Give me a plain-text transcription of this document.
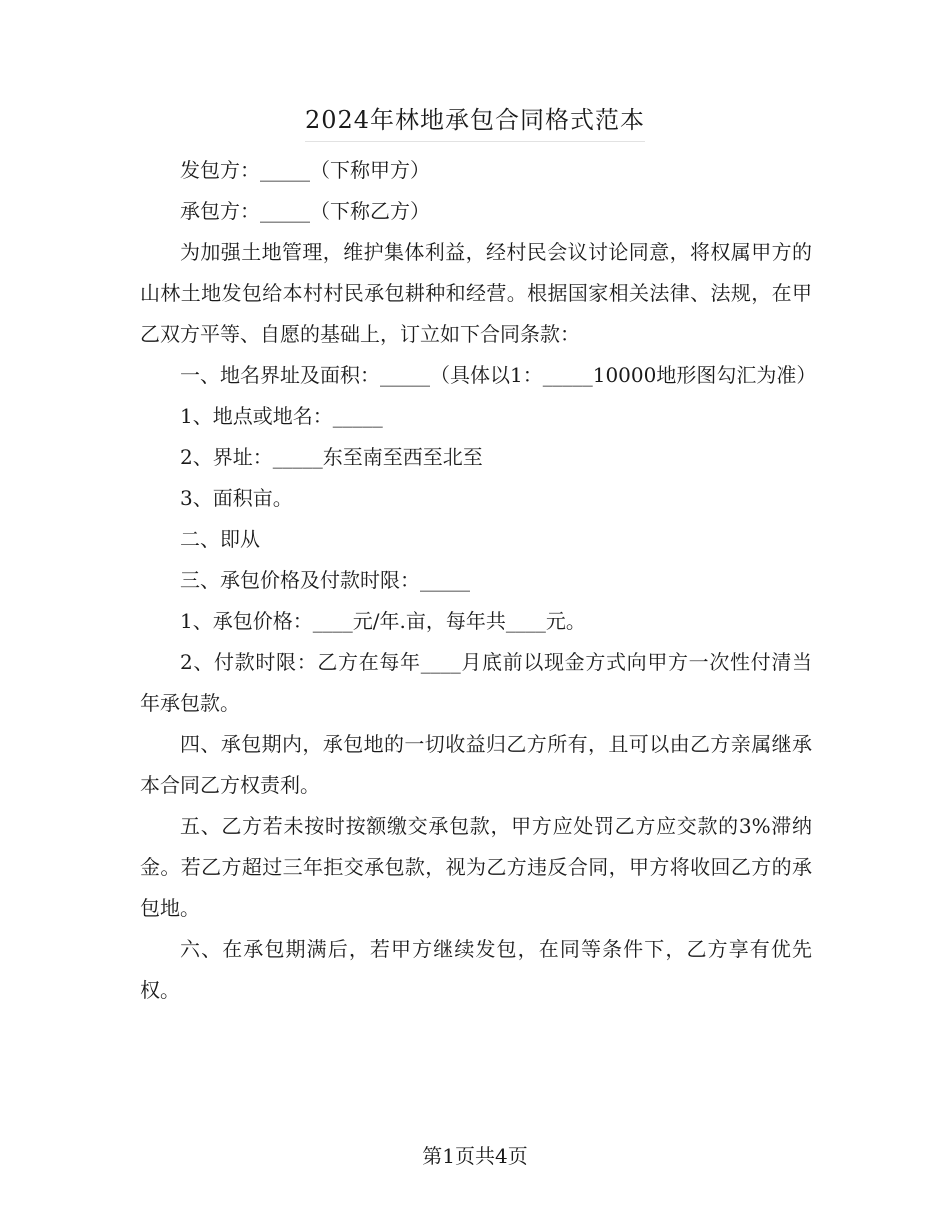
2024年林地承包合同格式范本

发包方：_____（下称甲方）

承包方：_____（下称乙方）

为加强土地管理，维护集体利益，经村民会议讨论同意，将权属甲方的山林土地发包给本村村民承包耕种和经营。根据国家相关法律、法规，在甲乙双方平等、自愿的基础上，订立如下合同条款：

一、地名界址及面积：_____（具体以1：_____10000地形图勾汇为准）

1、地点或地名：_____

2、界址：_____东至南至西至北至

3、面积亩。

二、即从

三、承包价格及付款时限：_____

1、承包价格：____元/年.亩，每年共____元。

2、付款时限：乙方在每年____月底前以现金方式向甲方一次性付清当年承包款。

四、承包期内，承包地的一切收益归乙方所有，且可以由乙方亲属继承本合同乙方权责利。

五、乙方若未按时按额缴交承包款，甲方应处罚乙方应交款的3%滞纳金。若乙方超过三年拒交承包款，视为乙方违反合同，甲方将收回乙方的承包地。

六、在承包期满后，若甲方继续发包，在同等条件下，乙方享有优先权。

第1页共4页
